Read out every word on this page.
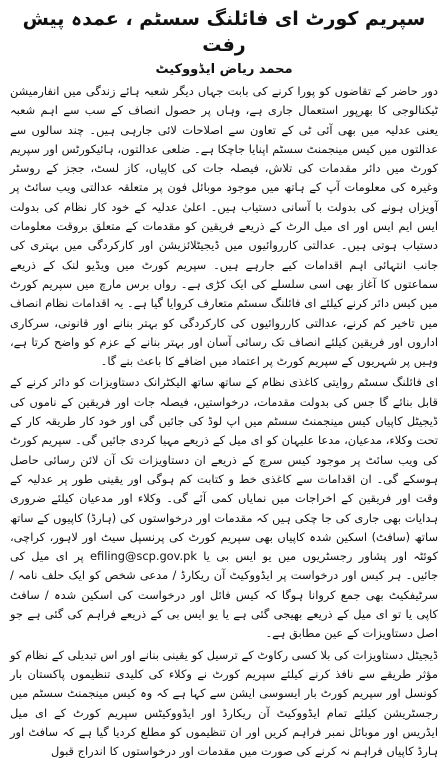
سپریم کورٹ ای فائلنگ سسٹم ، عمدہ پیش رفت
محمد ریاض ایڈووکیٹ

دور حاضر کے تقاضوں کو پورا کرنے کی بابت جہاں دیگر شعبہ ہائے زندگی میں انفارمیشن ٹیکنالوجی کا بھرپور استعمال جاری ہے، وہاں پر حصول انصاف کے سب سے اہم شعبہ یعنی عدلیہ میں بھی آئی ٹی کے تعاون سے اصلاحات لائی جارہی ہیں۔ چند سالوں سے عدالتوں میں کیس مینجمنٹ سسٹم اپنایا جاچکا ہے۔ ضلعی عدالتوں، ہائیکورٹس اور سپریم کورٹ میں دائر مقدمات کی تلاش، فیصلہ جات کی کاپیاں، کاز لسٹ، ججز کے روسٹر وغیرہ کی معلومات آپ کے ہاتھ میں موجود موبائل فون پر متعلقہ عدالتی ویب سائٹ پر آویزاں ہونے کی بدولت با آسانی دستیاب ہیں۔ اعلیٰ عدلیہ کے خود کار نظام کی بدولت ایس ایم ایس اور ای میل الرٹ کے ذریعے فریقین کو مقدمات کے متعلق بروقت معلومات دستیاب ہوتی ہیں۔ عدالتی کارروائیوں میں ڈیجیٹلائزیشن اور کارکردگی میں بہتری کی جانب انتہائی اہم اقدامات کیے جارہے ہیں۔ سپریم کورٹ میں ویڈیو لنک کے ذریعے سماعتوں کا آغاز بھی اسی سلسلے کی ایک کڑی ہے۔ رواں برس مارچ میں سپریم کورٹ میں کیس دائر کرنے کیلئے ای فائلنگ سسٹم متعارف کروایا گیا ہے۔ یہ اقدامات نظام انصاف میں تاخیر کم کرنے، عدالتی کارروائیوں کی کارکردگی کو بہتر بنانے اور قانونی، سرکاری اداروں اور فریقین کیلئے انصاف تک رسائی آسان اور بہتر بنانے کے عزم کو واضح کرتا ہے، وہیں پر شہریوں کے سپریم کورٹ پر اعتماد میں اضافے کا باعث بنے گا۔

ای فائلنگ سسٹم روایتی کاغذی نظام کے ساتھ ساتھ الیکٹرانک دستاویزات کو دائر کرنے کے قابل بنائے گا جس کی بدولت مقدمات، درخواستیں، فیصلہ جات اور فریقین کے ناموں کی ڈیجیٹل کاپیاں کیس مینجمنٹ سسٹم میں اپ لوڈ کی جائیں گی اور خود کار طریقہ کار کے تحت وکلاء، مدعیان، مدعا علیہان کو ای میل کے ذریعے مہیا کردی جائیں گی۔ سپریم کورٹ کی ویب سائٹ پر موجود کیس سرچ کے ذریعے ان دستاویزات تک آن لائن رسائی حاصل ہوسکے گی۔ ان اقدامات سے کاغذی خط و کتابت کم ہوگی اور یقینی طور پر عدلیہ کے وقت اور فریقین کے اخراجات میں نمایاں کمی آئے گی۔ وکلاء اور مدعیان کیلئے ضروری ہدایات بھی جاری کی جا چکی ہیں کہ مقدمات اور درخواستوں کی (ہارڈ) کاپیوں کے ساتھ ساتھ (سافٹ) اسکین شدہ کاپیاں بھی سپریم کورٹ کی پرنسپل سیٹ اور لاہور، کراچی، کوئٹہ اور پشاور رجسٹریوں میں یو ایس بی یا efiling@scp.gov.pk پر ای میل کی جائیں۔ ہر کیس اور درخواست پر ایڈووکیٹ آن ریکارڈ / مدعی شخص کو ایک حلف نامہ / سرٹیفکیٹ بھی جمع کروانا ہوگا کہ کیس فائل اور درخواست کی اسکین شدہ / سافٹ کاپی یا تو ای میل کے ذریعے بھیجی گئی ہے یا یو ایس بی کے ذریعے فراہم کی گئی ہے جو اصل دستاویزات کے عین مطابق ہے۔

ڈیجیٹل دستاویزات کی بلا کسی رکاوٹ کے ترسیل کو یقینی بنانے اور اس تبدیلی کے نظام کو مؤثر طریقے سے نافذ کرنے کیلئے سپریم کورٹ نے وکلاء کی کلیدی تنظیموں پاکستان بار کونسل اور سپریم کورٹ بار ایسوسی ایشن سے کہا ہے کہ وہ کیس مینجمنٹ سسٹم میں رجسٹریشن کیلئے تمام ایڈووکیٹ آن ریکارڈ اور ایڈووکیٹس سپریم کورٹ کے ای میل ایڈریس اور موبائل نمبر فراہم کریں اور ان تنظیموں کو مطلع کردیا گیا ہے کہ سافٹ اور ہارڈ کاپیاں فراہم نہ کرنے کی صورت میں مقدمات اور درخواستوں کا اندراج قبول
